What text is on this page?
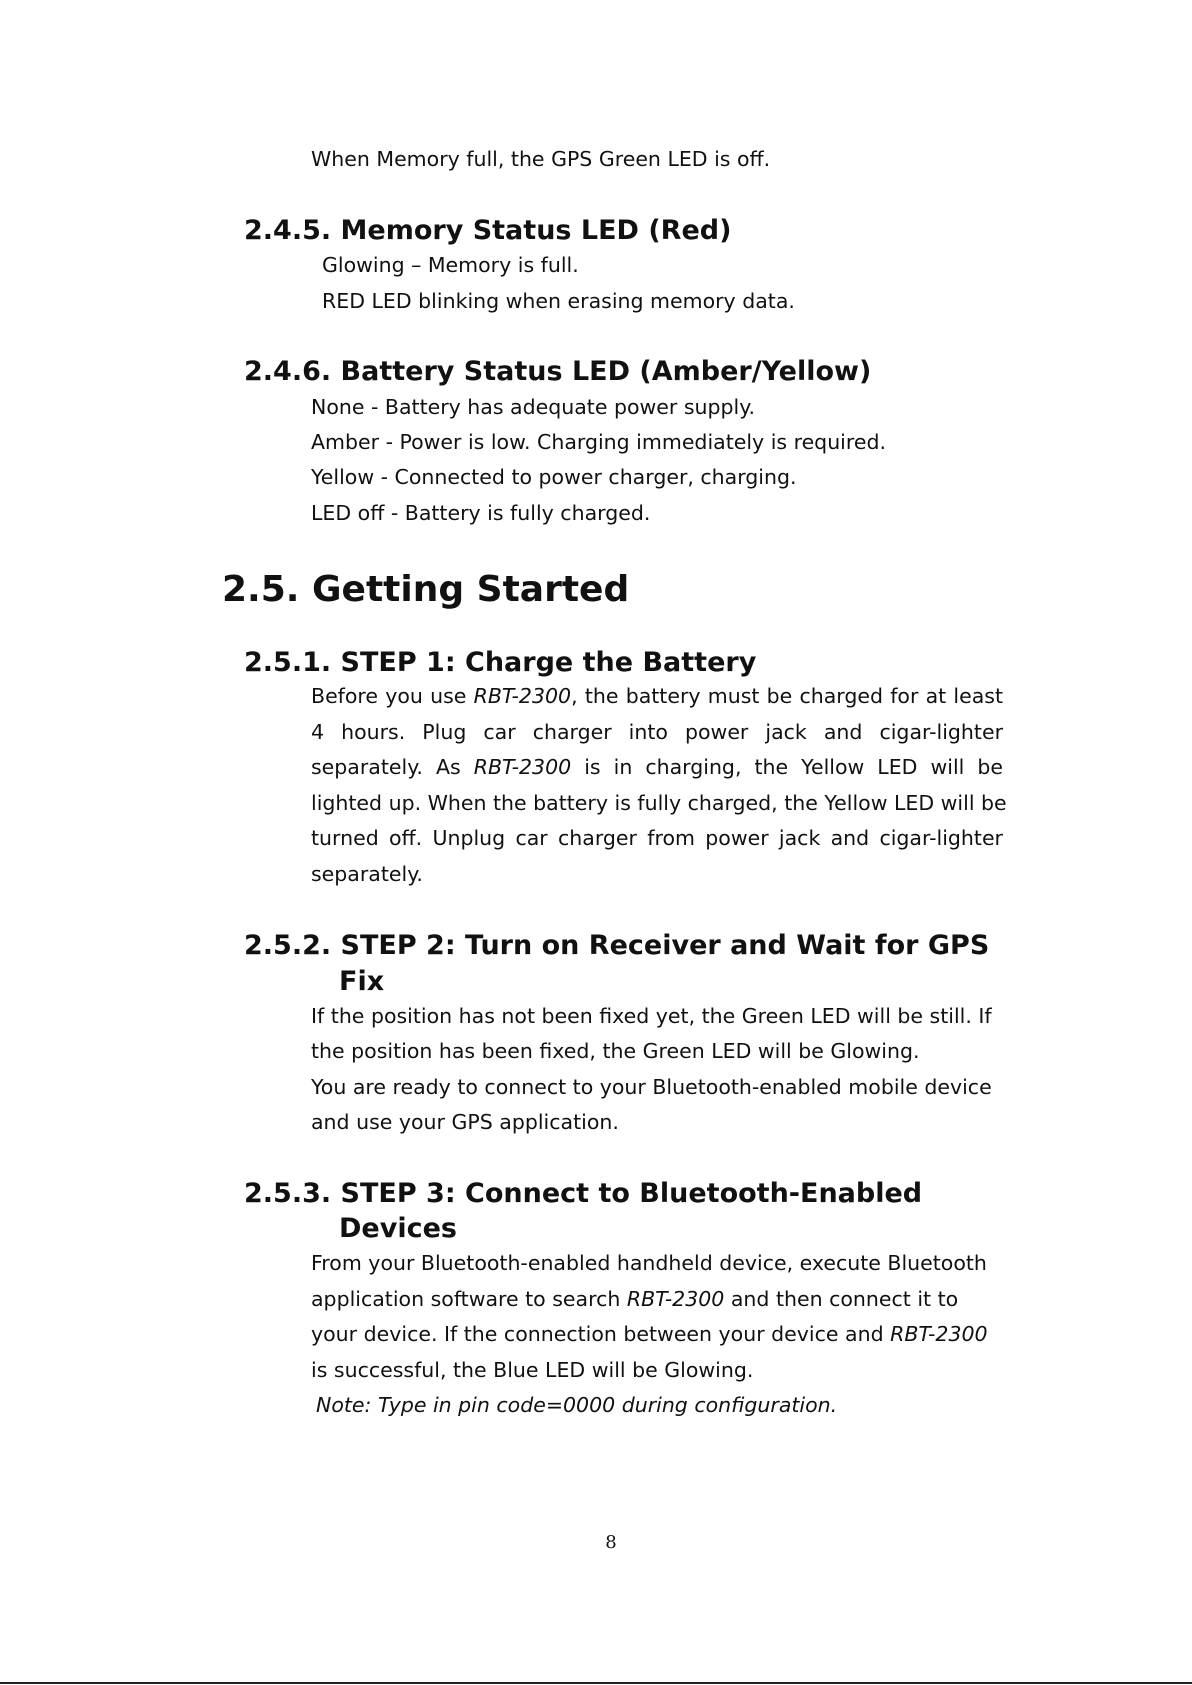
When Memory full, the GPS Green LED is off.

2.4.5. Memory Status LED (Red)

Glowing – Memory is full.

RED LED blinking when erasing memory data.

2.4.6. Battery Status LED (Amber/Yellow)

None - Battery has adequate power supply.

Amber - Power is low. Charging immediately is required.

Yellow - Connected to power charger, charging.

LED off - Battery is fully charged.

2.5. Getting Started
2.5.1. STEP 1: Charge the Battery
Before you use RBT-2300, the battery must be charged for at least
4 hours. Plug car charger into power jack and cigar-lighter
separately. As RBT-2300 is in charging, the Yellow LED will be
lighted up. When the battery is fully charged, the Yellow LED will be
turned off. Unplug car charger from power jack and cigar-lighter
separately.
2.5.2. STEP 2: Turn on Receiver and Wait for GPS
Fix

If the position has not been fixed yet, the Green LED will be still. If

the position has been fixed, the Green LED will be Glowing.

You are ready to connect to your Bluetooth-enabled mobile device

and use your GPS application.

2.5.3. STEP 3: Connect to Bluetooth-Enabled
Devices

From your Bluetooth-enabled handheld device, execute Bluetooth

application software to search RBT-2300 and then connect it to

your device. If the connection between your device and RBT-2300

is successful, the Blue LED will be Glowing.

Note: Type in pin code=0000 during configuration.

8
